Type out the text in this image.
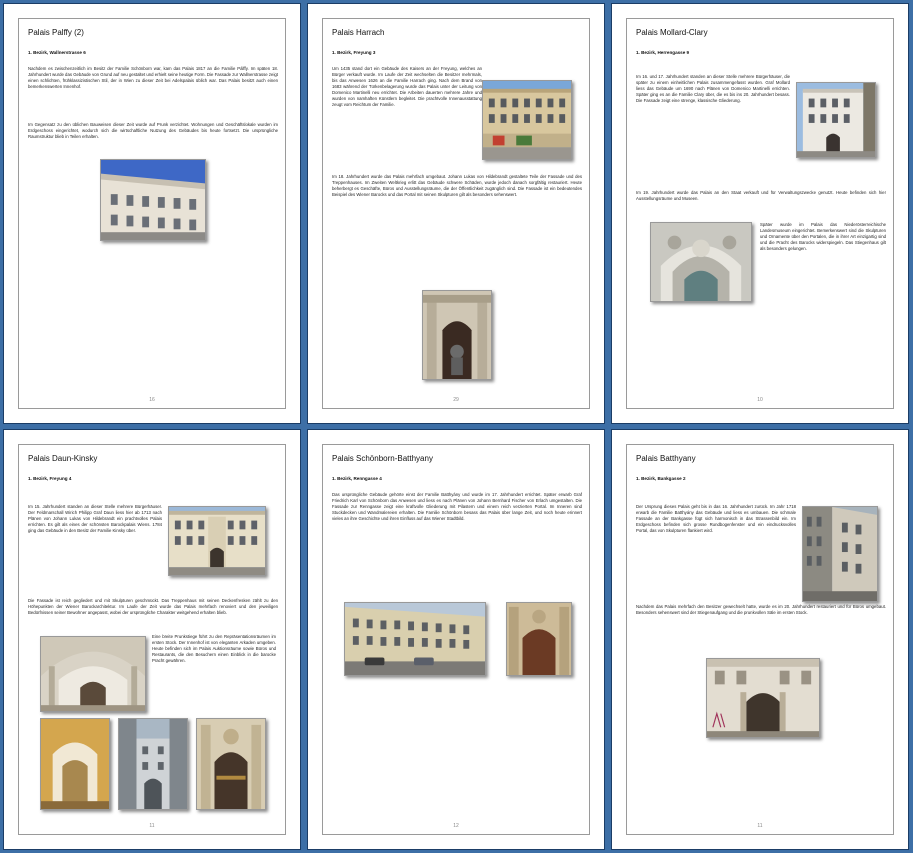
Palais Palffy (2)
1. Bezirk, Wallnerstrasse 6
Nachdem es zwischenzeitlich im Besitz der Familie Schönborn war, kam das Palais 1817 an die Familie Pálffy. Im späten 18. Jahrhundert wurde das Gebäude von Grund auf neu gestaltet und erhielt seine heutige Form. Die Fassade zur Wallnerstrasse zeigt einen schlichten, frühklassizistischen Stil, der in Wien zu dieser Zeit bei Adelspalais üblich war. Das Palais besitzt auch einen bemerkenswerten Innenhof.
Im Gegensatz zu den üblichen Bauweisen dieser Zeit wurde auf Prunk verzichtet. Wohnungen und Geschäftslokale wurden im Erdgeschoss eingerichtet, wodurch sich die wirtschaftliche Nutzung des Gebäudes bis heute fortsetzt. Die ursprüngliche Raumstruktur blieb in Teilen erhalten.
16
Palais Harrach
1. Bezirk, Freyung 3
Um 1435 stand dort ein Gebäude des Kaisers an der Freyung, welches an Bürger verkauft wurde. Im Laufe der Zeit wechselten die Besitzer mehrmals, bis das Anwesen 1626 an die Familie Harrach ging. Nach dem Brand von 1683 während der Türkenbelagerung wurde das Palais unter der Leitung von Domenico Martinelli neu errichtet. Die Arbeiten dauerten mehrere Jahre und wurden von namhaften Künstlern begleitet. Die prachtvolle Innenausstattung zeugt vom Reichtum der Familie.
Im 18. Jahrhundert wurde das Palais mehrfach umgebaut. Johann Lukas von Hildebrandt gestaltete Teile der Fassade und des Treppenhauses. Im Zweiten Weltkrieg erlitt das Gebäude schwere Schäden, wurde jedoch danach sorgfältig restauriert. Heute beherbergt es Geschäfte, Büros und Ausstellungsräume, die der Öffentlichkeit zugänglich sind. Die Fassade ist ein bedeutendes Beispiel des Wiener Barocks und das Portal mit seinen Skulpturen gilt als besonders sehenswert.
29
Palais Mollard-Clary
1. Bezirk, Herrengasse 9
Im 16. und 17. Jahrhundert standen an dieser Stelle mehrere Bürgerhäuser, die später zu einem einheitlichen Palais zusammengefasst wurden. Graf Mollard liess das Gebäude um 1690 nach Plänen von Domenico Martinelli errichten. Später ging es an die Familie Clary über, die es bis ins 20. Jahrhundert besass. Die Fassade zeigt eine strenge, klassische Gliederung.
Im 19. Jahrhundert wurde das Palais an den Staat verkauft und für Verwaltungszwecke genutzt. Heute befinden sich hier Ausstellungsräume und Museen.
Später wurde im Palais das Niederösterreichische Landesmuseum eingerichtet. Bemerkenswert sind die Skulpturen und Ornamente über den Portalen, die in ihrer Art einzigartig sind und die Pracht des Barocks widerspiegeln. Das Stiegenhaus gilt als besonders gelungen.
10
Palais Daun-Kinsky
1. Bezirk, Freyung 4
Im 15. Jahrhundert standen an dieser Stelle mehrere Bürgerhäuser. Der Feldmarschall Wirich Philipp Graf Daun liess hier ab 1713 nach Plänen von Johann Lukas von Hildebrandt ein prachtvolles Palais errichten. Es gilt als eines der schönsten Barockpalais Wiens. 1784 ging das Gebäude in den Besitz der Familie Kinsky über.
Die Fassade ist reich gegliedert und mit Skulpturen geschmückt. Das Treppenhaus mit seinen Deckenfresken zählt zu den Höhepunkten der Wiener Barockarchitektur. Im Laufe der Zeit wurde das Palais mehrfach renoviert und den jeweiligen Bedürfnissen seiner Bewohner angepasst, wobei der ursprüngliche Charakter weitgehend erhalten blieb.
Eine breite Prunkstiege führt zu den Repräsentationsräumen im ersten Stock. Der Innenhof ist von eleganten Arkaden umgeben. Heute befinden sich im Palais Auktionsräume sowie Büros und Restaurants, die den Besuchern einen Einblick in die barocke Pracht gewähren.
11
Palais Schönborn-Batthyany
1. Bezirk, Renngasse 4
Das ursprüngliche Gebäude gehörte einst der Familie Batthyány und wurde im 17. Jahrhundert errichtet. Später erwarb Graf Friedrich Karl von Schönborn das Anwesen und liess es nach Plänen von Johann Bernhard Fischer von Erlach umgestalten. Die Fassade zur Renngasse zeigt eine kraftvolle Gliederung mit Pilastern und einem reich verzierten Portal. Im Inneren sind Stuckdecken und Wandmalereien erhalten. Die Familie Schönborn besass das Palais über lange Zeit, und noch heute erinnert vieles an ihre Geschichte und ihren Einfluss auf das Wiener Stadtbild.
12
Palais Batthyany
1. Bezirk, Bankgasse 2
Der Ursprung dieses Palais geht bis in das 16. Jahrhundert zurück. Im Jahr 1718 erwarb die Familie Batthyány das Gebäude und liess es umbauen. Die schmale Fassade an der Bankgasse fügt sich harmonisch in das Strassenbild ein. Im Erdgeschoss befinden sich grosse Rundbogenfenster und ein eindrucksvolles Portal, das von Skulpturen flankiert wird.
Nachdem das Palais mehrfach den Besitzer gewechselt hatte, wurde es im 20. Jahrhundert restauriert und für Büros umgebaut. Besonders sehenswert sind der Stiegenaufgang und die prunkvollen Säle im ersten Stock.
11
